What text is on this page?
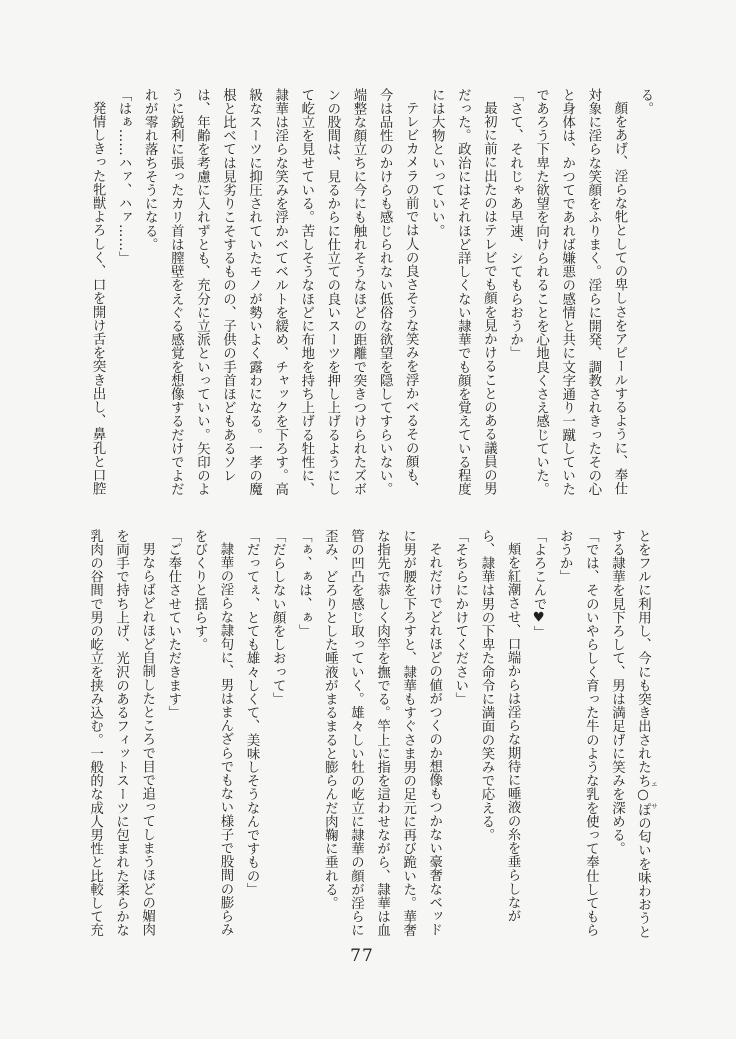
る。
顔をあげ、淫らな牝としての卑しさをアピールするように、奉仕
対象に淫らな笑顔をふりまく。淫らに開発、調教されきったその心
と身体は、かつてであれば嫌悪の感情と共に文字通り一蹴していた
であろう下卑た欲望を向けられることを心地良くさえ感じていた。
「さて、それじゃあ早速、シてもらおうか」
最初に前に出たのはテレビでも顔を見かけることのある議員の男
だった。政治にはそれほど詳しくない隷華でも顔を覚えている程度
には大物といっていい。
テレビカメラの前では人の良さそうな笑みを浮かべるその顔も、
今は品性のかけらも感じられない低俗な欲望を隠してすらいない。
端整な顔立ちに今にも触れそうなほどの距離で突きつけられたズボ
ンの股間は、見るからに仕立ての良いスーツを押し上げるようにし
て屹立を見せている。苦しそうなほどに布地を持ち上げる牡性に、
隷華は淫らな笑みを浮かべてベルトを緩め、チャックを下ろす。高
級なスーツに抑圧されていたモノが勢いよく露わになる。一孝の魔
根と比べては見劣りこそするものの、子供の手首ほどもあるソレ
は、年齢を考慮に入れずとも、充分に立派といっていい。矢印のよ
うに鋭利に張ったカリ首は膣壁をえぐる感覚を想像するだけでよだ
れが零れ落ちそうになる。
「はぁ……ハァ、ハァ……」
発情しきった牝獣よろしく、口を開け舌を突き出し、鼻孔と口腔
とをフルに利用し、今にも突き出されたち○ぽ エサの匂いを味わおうと
する隷華を見下ろして、男は満足げに笑みを深める。
「では、そのいやらしく育った牛のような乳を使って奉仕してもら
おうか」
「よろこんで♥」
頬を紅潮させ、口端からは淫らな期待に唾液の糸を垂らしなが
ら、隷華は男の下卑た命令に満面の笑みで応える。
「そちらにかけてください」
それだけでどれほどの値がつくのか想像もつかない豪奢なベッド
に男が腰を下ろすと、隷華もすぐさま男の足元に再び跪いた。華奢
な指先で恭しく肉竿を撫でる。竿上に指を這わせながら、隷華は血
管の凹凸を感じ取っていく。雄々しい牡の屹立に隷華の顔が淫らに
歪み、どろりとした唾液がまるまると膨らんだ肉鞠に垂れる。
「ぁ、ぁは、ぁ」
「だらしない顔をしおって」
「だってぇ、とても雄々しくて、美味しそうなんですもの」
隷華の淫らな隷句に、男はまんざらでもない様子で股間の膨らみ
をびくりと揺らす。
「ご奉仕させていただきます」
男ならばどれほど自制したところで目で追ってしまうほどの媚肉
を両手で持ち上げ、光沢のあるフィットスーツに包まれた柔らかな
乳肉の谷間で男の屹立を挟み込む。一般的な成人男性と比較して充
77
